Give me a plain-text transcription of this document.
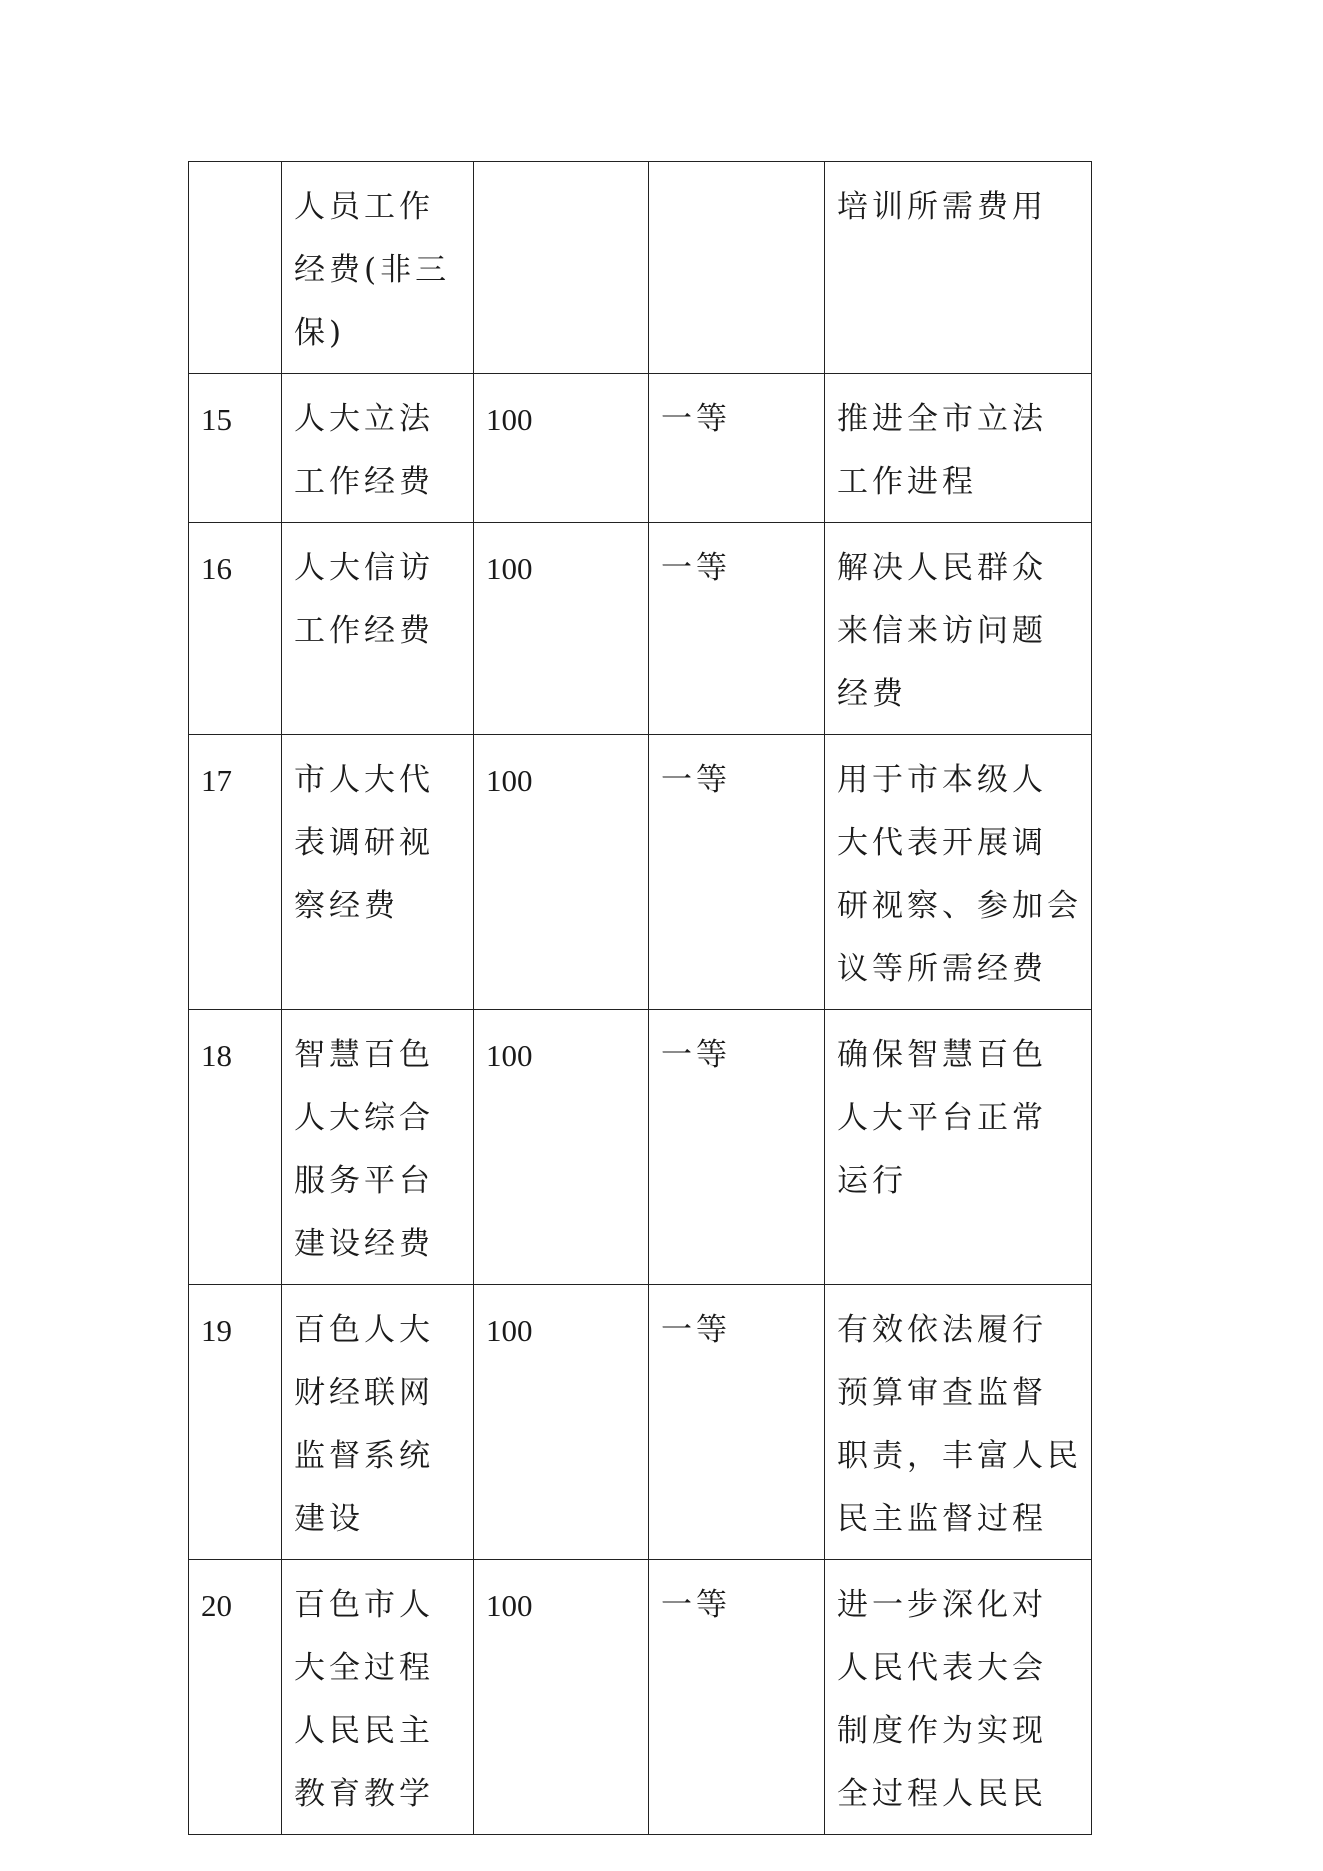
	人员工作
经费(非三
保)			培训所需费用

15	人大立法
工作经费	100	一等	推进全市立法
工作进程

16	人大信访
工作经费	100	一等	解决人民群众
来信来访问题
经费

17	市人大代
表调研视
察经费	100	一等	用于市本级人
大代表开展调
研视察、参加会
议等所需经费

18	智慧百色
人大综合
服务平台
建设经费	100	一等	确保智慧百色
人大平台正常
运行

19	百色人大
财经联网
监督系统
建设	100	一等	有效依法履行
预算审查监督
职责，丰富人民
民主监督过程

20	百色市人
大全过程
人民民主
教育教学	100	一等	进一步深化对
人民代表大会
制度作为实现
全过程人民民
